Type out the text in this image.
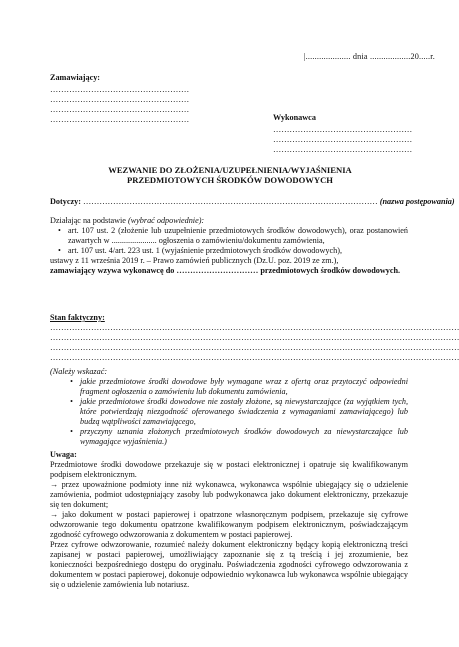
|.................... dnia ..................20.....r.
Zamawiający:
……………………………………………
……………………………………………
……………………………………………
……………………………………………	Wykonawca
……………………………………………
……………………………………………
……………………………………………
WEZWANIE DO ZŁOŻENIA/UZUPEŁNIENIA/WYJAŚNIENIA
PRZEDMIOTOWYCH ŚRODKÓW DOWODOWYCH
Dotyczy: ……………………………………………………………………………………………… (nazwa postępowania)
Działając na podstawie (wybrać odpowiednie):
• art. 107 ust. 2 (złożenie lub uzupełnienie przedmiotowych środków dowodowych), oraz postanowień zawartych w ...................... ogłoszenia o zamówieniu/dokumentu zamówienia,
• art. 107 ust. 4/art. 223 ust. 1 (wyjaśnienie przedmiotowych środków dowodowych),
ustawy z 11 września 2019 r. – Prawo zamówień publicznych (Dz.U. poz. 2019 ze zm.),
zamawiający wzywa wykonawcę do ………………………… przedmiotowych środków dowodowych.
Stan faktyczny:
……………………………………………………………………………………………………………………………………
……………………………………………………………………………………………………………………………………
……………………………………………………………………………………………………………………………………
……………………………………………………………………………………………………………………………………
(Należy wskazać:
• jakie przedmiotowe środki dowodowe były wymagane wraz z ofertą oraz przytoczyć odpowiedni fragment ogłoszenia o zamówieniu lub dokumentu zamówienia,
• jakie przedmiotowe środki dowodowe nie zostały złożone, są niewystarczające (za wyjątkiem tych, które potwierdzają niezgodność oferowanego świadczenia z wymaganiami zamawiającego) lub budzą wątpliwości zamawiającego,
• przyczyny uznania złożonych przedmiotowych środków dowodowych za niewystarczające lub wymagające wyjaśnienia.)
Uwaga:
Przedmiotowe środki dowodowe przekazuje się w postaci elektronicznej i opatruje się kwalifikowanym podpisem elektronicznym.
→ przez upoważnione podmioty inne niż wykonawca, wykonawca wspólnie ubiegający się o udzielenie zamówienia, podmiot udostępniający zasoby lub podwykonawca jako dokument elektroniczny, przekazuje się ten dokument;
→ jako dokument w postaci papierowej i opatrzone własnoręcznym podpisem, przekazuje się cyfrowe odwzorowanie tego dokumentu opatrzone kwalifikowanym podpisem elektronicznym, poświadczającym zgodność cyfrowego odwzorowania z dokumentem w postaci papierowej.
Przez cyfrowe odwzorowanie, rozumieć należy dokument elektroniczny będący kopią elektroniczną treści zapisanej w postaci papierowej, umożliwiający zapoznanie się z tą treścią i jej zrozumienie, bez konieczności bezpośredniego dostępu do oryginału. Poświadczenia zgodności cyfrowego odwzorowania z dokumentem w postaci papierowej, dokonuje odpowiednio wykonawca lub wykonawca wspólnie ubiegający się o udzielenie zamówienia lub notariusz.
